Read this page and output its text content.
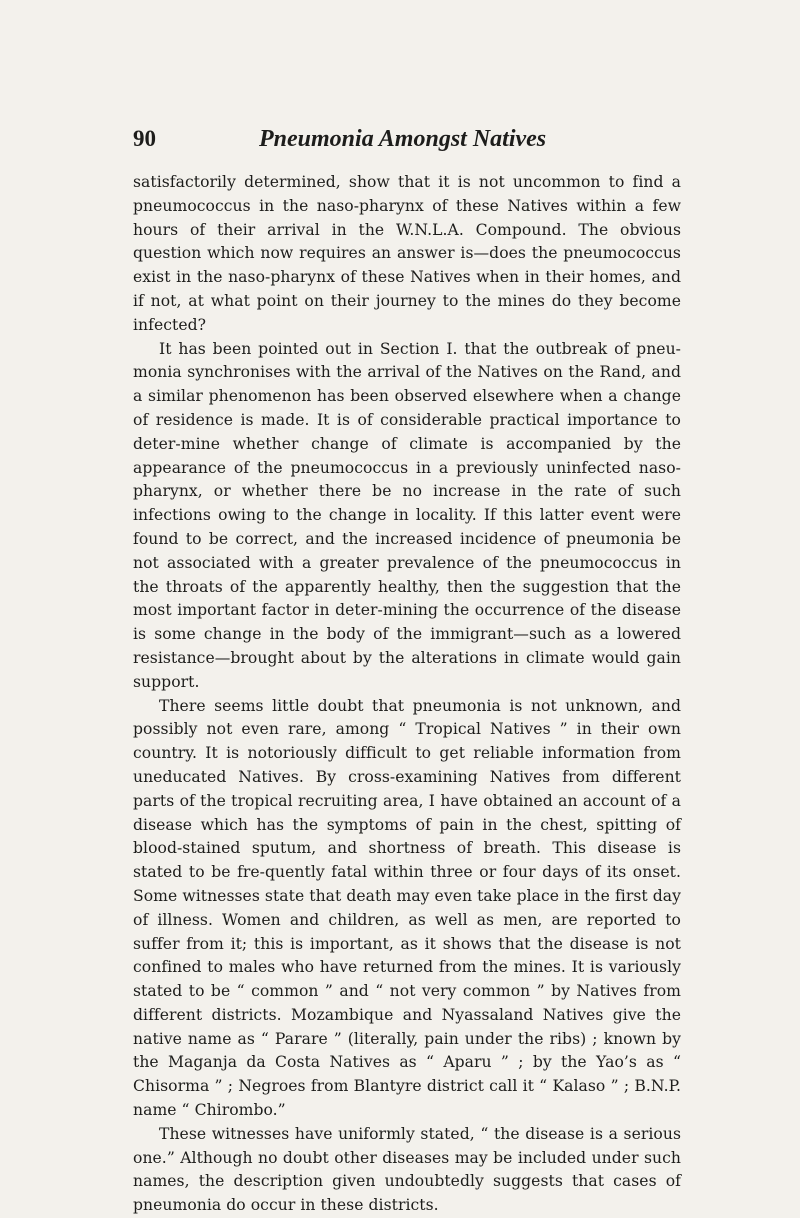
90	Pneumonia Amongst Natives

satisfactorily determined, show that it is not uncommon to find a pneumococcus in the naso-pharynx of these Natives within a few hours of their arrival in the W.N.L.A. Compound. The obvious question which now requires an answer is—does the pneumococcus exist in the naso-pharynx of these Natives when in their homes, and if not, at what point on their journey to the mines do they become infected?

It has been pointed out in Section I. that the outbreak of pneu-monia synchronises with the arrival of the Natives on the Rand, and a similar phenomenon has been observed elsewhere when a change of residence is made. It is of considerable practical importance to deter-mine whether change of climate is accompanied by the appearance of the pneumococcus in a previously uninfected naso-pharynx, or whether there be no increase in the rate of such infections owing to the change in locality. If this latter event were found to be correct, and the increased incidence of pneumonia be not associated with a greater prevalence of the pneumococcus in the throats of the apparently healthy, then the suggestion that the most important factor in deter-mining the occurrence of the disease is some change in the body of the immigrant—such as a lowered resistance—brought about by the alterations in climate would gain support.

There seems little doubt that pneumonia is not unknown, and possibly not even rare, among “ Tropical Natives ” in their own country. It is notoriously difficult to get reliable information from uneducated Natives. By cross-examining Natives from different parts of the tropical recruiting area, I have obtained an account of a disease which has the symptoms of pain in the chest, spitting of blood-stained sputum, and shortness of breath. This disease is stated to be fre-quently fatal within three or four days of its onset. Some witnesses state that death may even take place in the first day of illness. Women and children, as well as men, are reported to suffer from it; this is important, as it shows that the disease is not confined to males who have returned from the mines. It is variously stated to be “ common ” and “ not very common ” by Natives from different districts. Mozambique and Nyassaland Natives give the native name as “ Parare ” (literally, pain under the ribs) ; known by the Maganja da Costa Natives as “ Aparu ” ; by the Yao’s as “ Chisorma ” ; Negroes from Blantyre district call it “ Kalaso ” ; B.N.P. name “ Chirombo.”

These witnesses have uniformly stated, “ the disease is a serious one.” Although no doubt other diseases may be included under such names, the description given undoubtedly suggests that cases of pneumonia do occur in these districts.
